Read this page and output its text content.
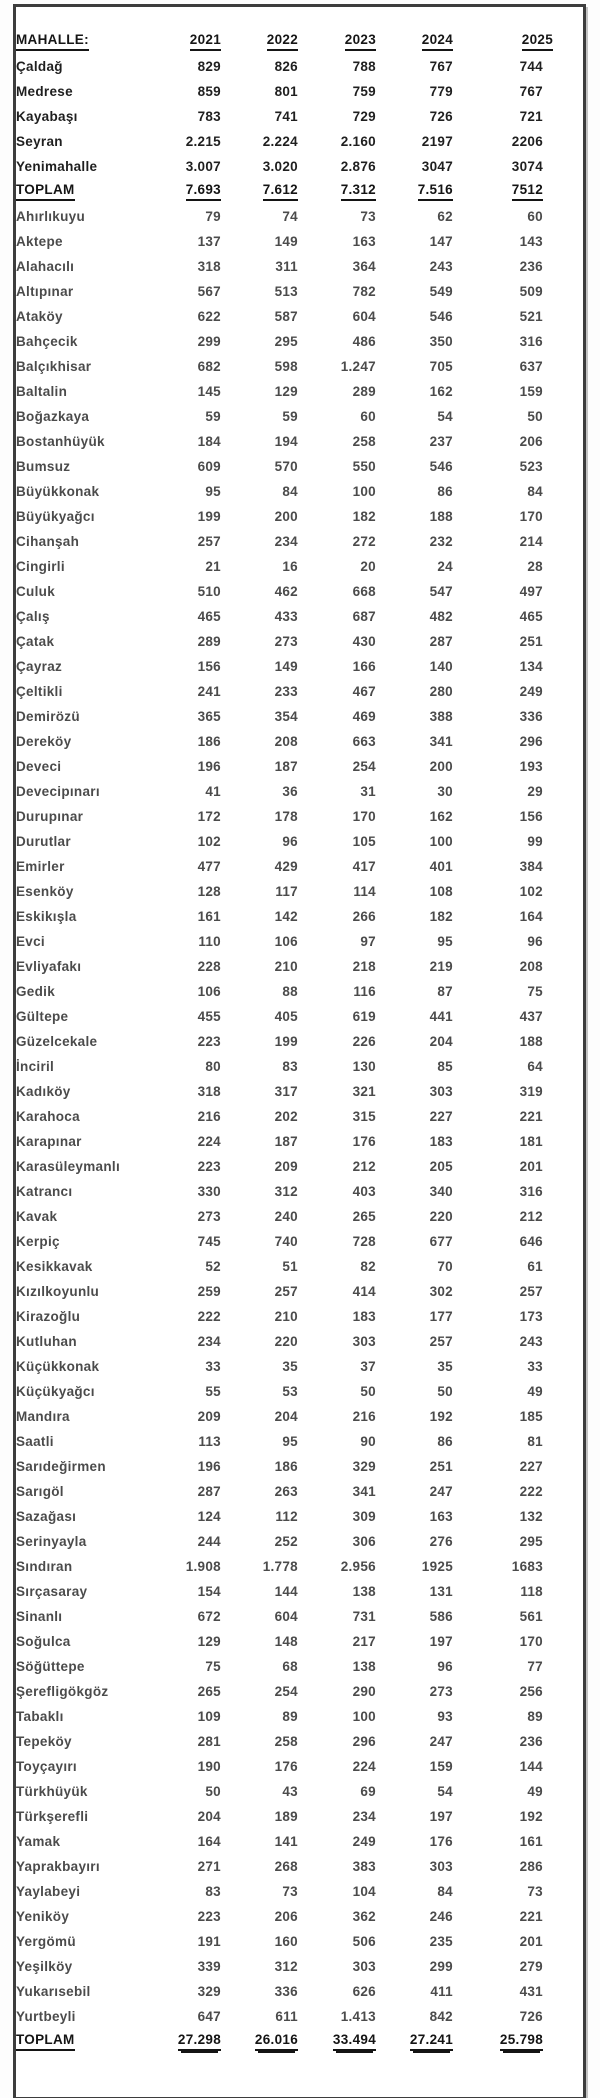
MAHALLE:	2021	2022	2023	2024	2025
Çaldağ	829	826	788	767	744
Medrese	859	801	759	779	767
Kayabaşı	783	741	729	726	721
Seyran	2.215	2.224	2.160	2197	2206
Yenimahalle	3.007	3.020	2.876	3047	3074
TOPLAM	7.693	7.612	7.312	7.516	7512
Ahırlıkuyu	79	74	73	62	60
Aktepe	137	149	163	147	143
Alahacılı	318	311	364	243	236
Altıpınar	567	513	782	549	509
Ataköy	622	587	604	546	521
Bahçecik	299	295	486	350	316
Balçıkhisar	682	598	1.247	705	637
Baltalin	145	129	289	162	159
Boğazkaya	59	59	60	54	50
Bostanhüyük	184	194	258	237	206
Bumsuz	609	570	550	546	523
Büyükkonak	95	84	100	86	84
Büyükyağcı	199	200	182	188	170
Cihanşah	257	234	272	232	214
Cingirli	21	16	20	24	28
Culuk	510	462	668	547	497
Çalış	465	433	687	482	465
Çatak	289	273	430	287	251
Çayraz	156	149	166	140	134
Çeltikli	241	233	467	280	249
Demirözü	365	354	469	388	336
Dereköy	186	208	663	341	296
Deveci	196	187	254	200	193
Devecipınarı	41	36	31	30	29
Durupınar	172	178	170	162	156
Durutlar	102	96	105	100	99
Emirler	477	429	417	401	384
Esenköy	128	117	114	108	102
Eskikışla	161	142	266	182	164
Evci	110	106	97	95	96
Evliyafakı	228	210	218	219	208
Gedik	106	88	116	87	75
Gültepe	455	405	619	441	437
Güzelcekale	223	199	226	204	188
İnciril	80	83	130	85	64
Kadıköy	318	317	321	303	319
Karahoca	216	202	315	227	221
Karapınar	224	187	176	183	181
Karasüleymanlı	223	209	212	205	201
Katrancı	330	312	403	340	316
Kavak	273	240	265	220	212
Kerpiç	745	740	728	677	646
Kesikkavak	52	51	82	70	61
Kızılkoyunlu	259	257	414	302	257
Kirazoğlu	222	210	183	177	173
Kutluhan	234	220	303	257	243
Küçükkonak	33	35	37	35	33
Küçükyağcı	55	53	50	50	49
Mandıra	209	204	216	192	185
Saatli	113	95	90	86	81
Sarıdeğirmen	196	186	329	251	227
Sarıgöl	287	263	341	247	222
Sazağası	124	112	309	163	132
Serinyayla	244	252	306	276	295
Sındıran	1.908	1.778	2.956	1925	1683
Sırçasaray	154	144	138	131	118
Sinanlı	672	604	731	586	561
Soğulca	129	148	217	197	170
Söğüttepe	75	68	138	96	77
Şerefligökgöz	265	254	290	273	256
Tabaklı	109	89	100	93	89
Tepeköy	281	258	296	247	236
Toyçayırı	190	176	224	159	144
Türkhüyük	50	43	69	54	49
Türkşerefli	204	189	234	197	192
Yamak	164	141	249	176	161
Yaprakbayırı	271	268	383	303	286
Yaylabeyi	83	73	104	84	73
Yeniköy	223	206	362	246	221
Yergömü	191	160	506	235	201
Yeşilköy	339	312	303	299	279
Yukarısebil	329	336	626	411	431
Yurtbeyli	647	611	1.413	842	726
TOPLAM	27.298	26.016	33.494	27.241	25.798
